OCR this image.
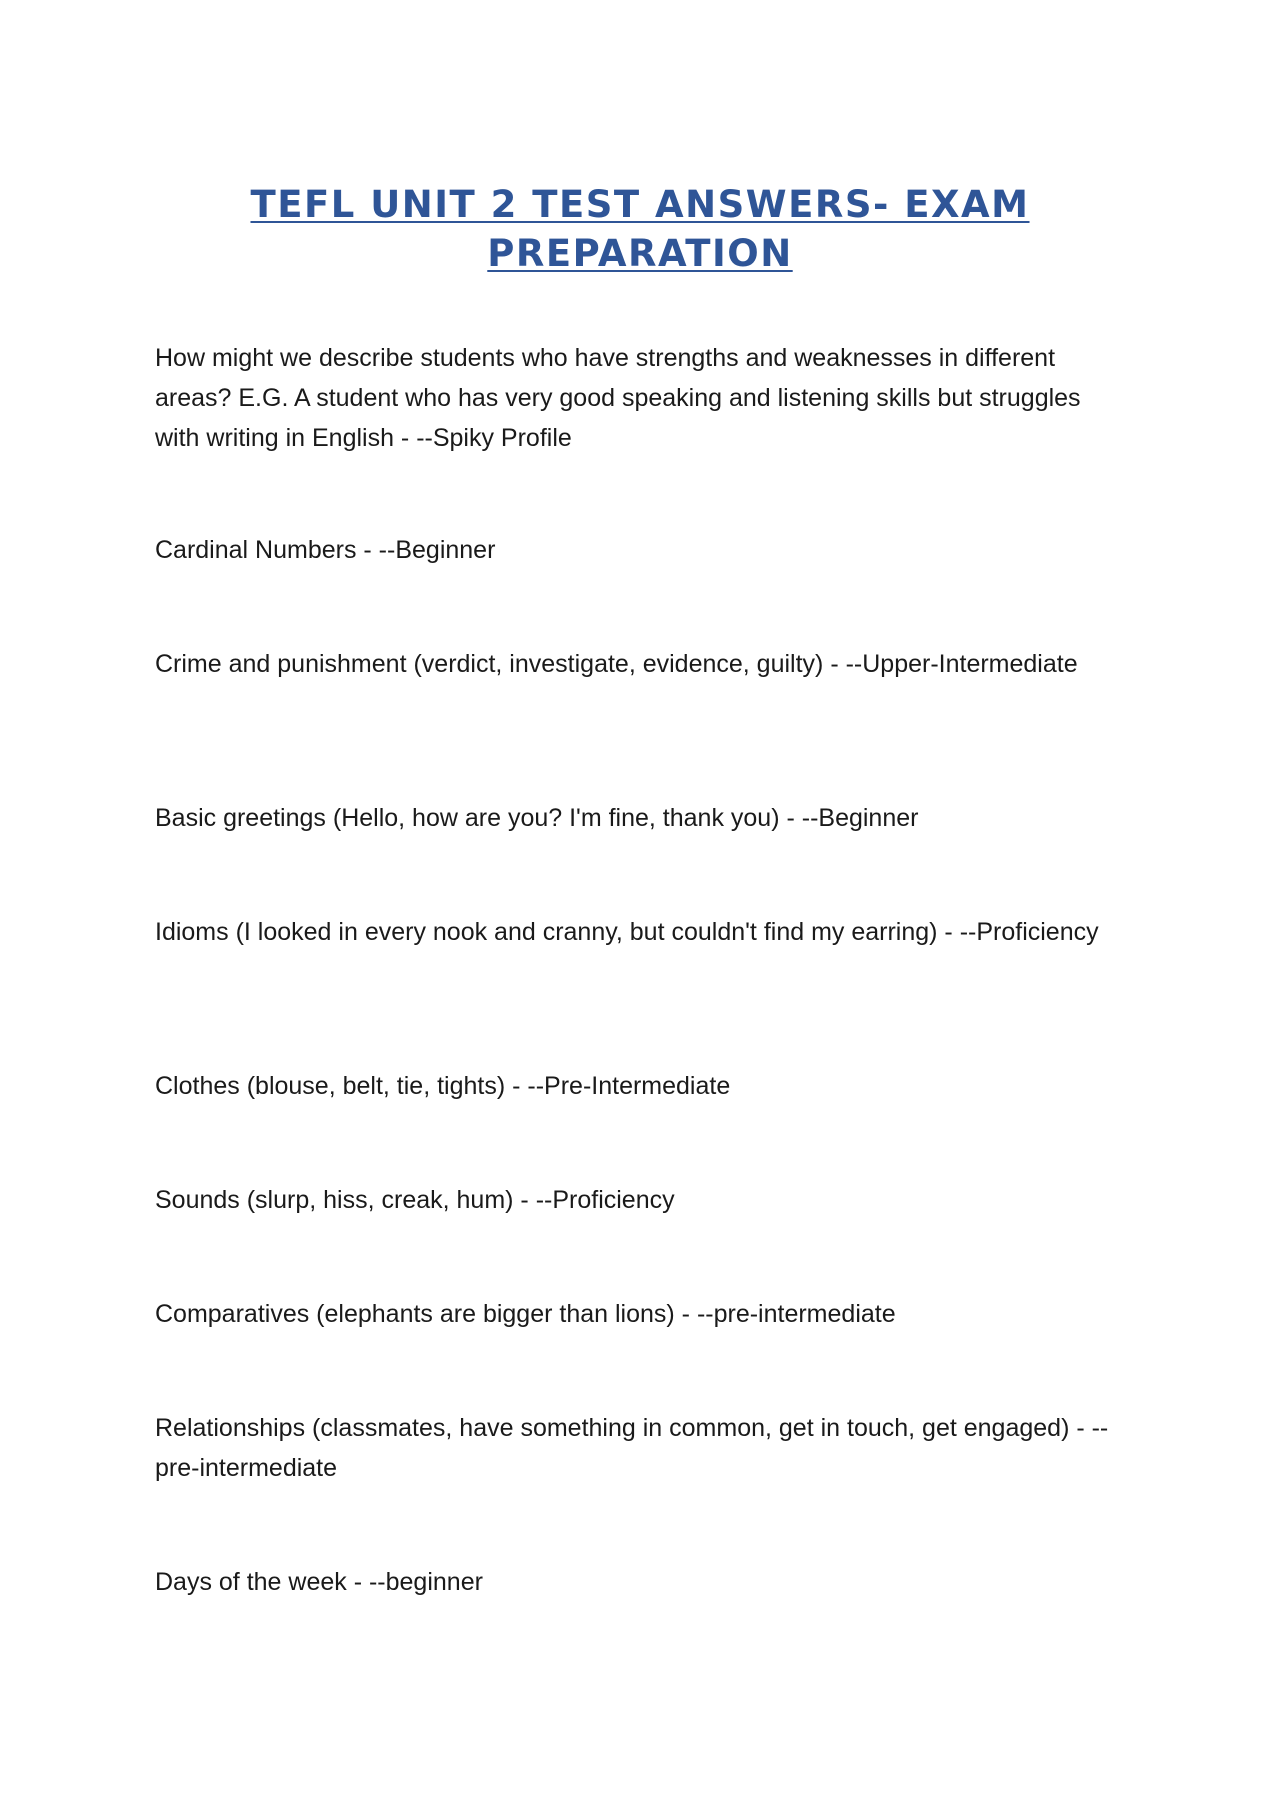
TEFL UNIT 2 TEST ANSWERS- EXAM PREPARATION

How might we describe students who have strengths and weaknesses in different areas? E.G. A student who has very good speaking and listening skills but struggles with writing in English - --Spiky Profile

Cardinal Numbers - --Beginner

Crime and punishment (verdict, investigate, evidence, guilty) - --Upper-Intermediate

Basic greetings (Hello, how are you? I'm fine, thank you) - --Beginner

Idioms (I looked in every nook and cranny, but couldn't find my earring) - --Proficiency

Clothes (blouse, belt, tie, tights) - --Pre-Intermediate

Sounds (slurp, hiss, creak, hum) - --Proficiency

Comparatives (elephants are bigger than lions) - --pre-intermediate

Relationships (classmates, have something in common, get in touch, get engaged) - --pre-intermediate

Days of the week - --beginner
